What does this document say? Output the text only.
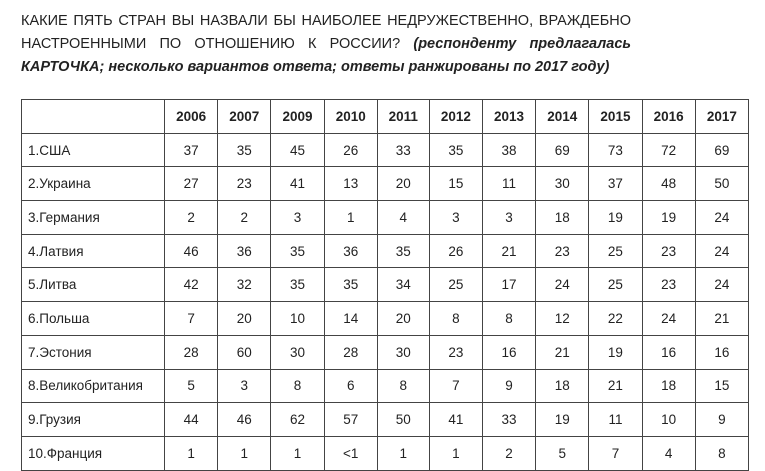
КАКИЕ ПЯТЬ СТРАН ВЫ НАЗВАЛИ БЫ НАИБОЛЕЕ НЕДРУЖЕСТВЕННО, ВРАЖДЕБНО НАСТРОЕННЫМИ ПО ОТНОШЕНИЮ К РОССИИ? (респонденту предлагалась КАРТОЧКА; несколько вариантов ответа; ответы ранжированы по 2017 году)

	2006	2007	2009	2010	2011	2012	2013	2014	2015	2016	2017
1.США	37	35	45	26	33	35	38	69	73	72	69
2.Украина	27	23	41	13	20	15	11	30	37	48	50
3.Германия	2	2	3	1	4	3	3	18	19	19	24
4.Латвия	46	36	35	36	35	26	21	23	25	23	24
5.Литва	42	32	35	35	34	25	17	24	25	23	24
6.Польша	7	20	10	14	20	8	8	12	22	24	21
7.Эстония	28	60	30	28	30	23	16	21	19	16	16
8.Великобритания	5	3	8	6	8	7	9	18	21	18	15
9.Грузия	44	46	62	57	50	41	33	19	11	10	9
10.Франция	1	1	1	<1	1	1	2	5	7	4	8
